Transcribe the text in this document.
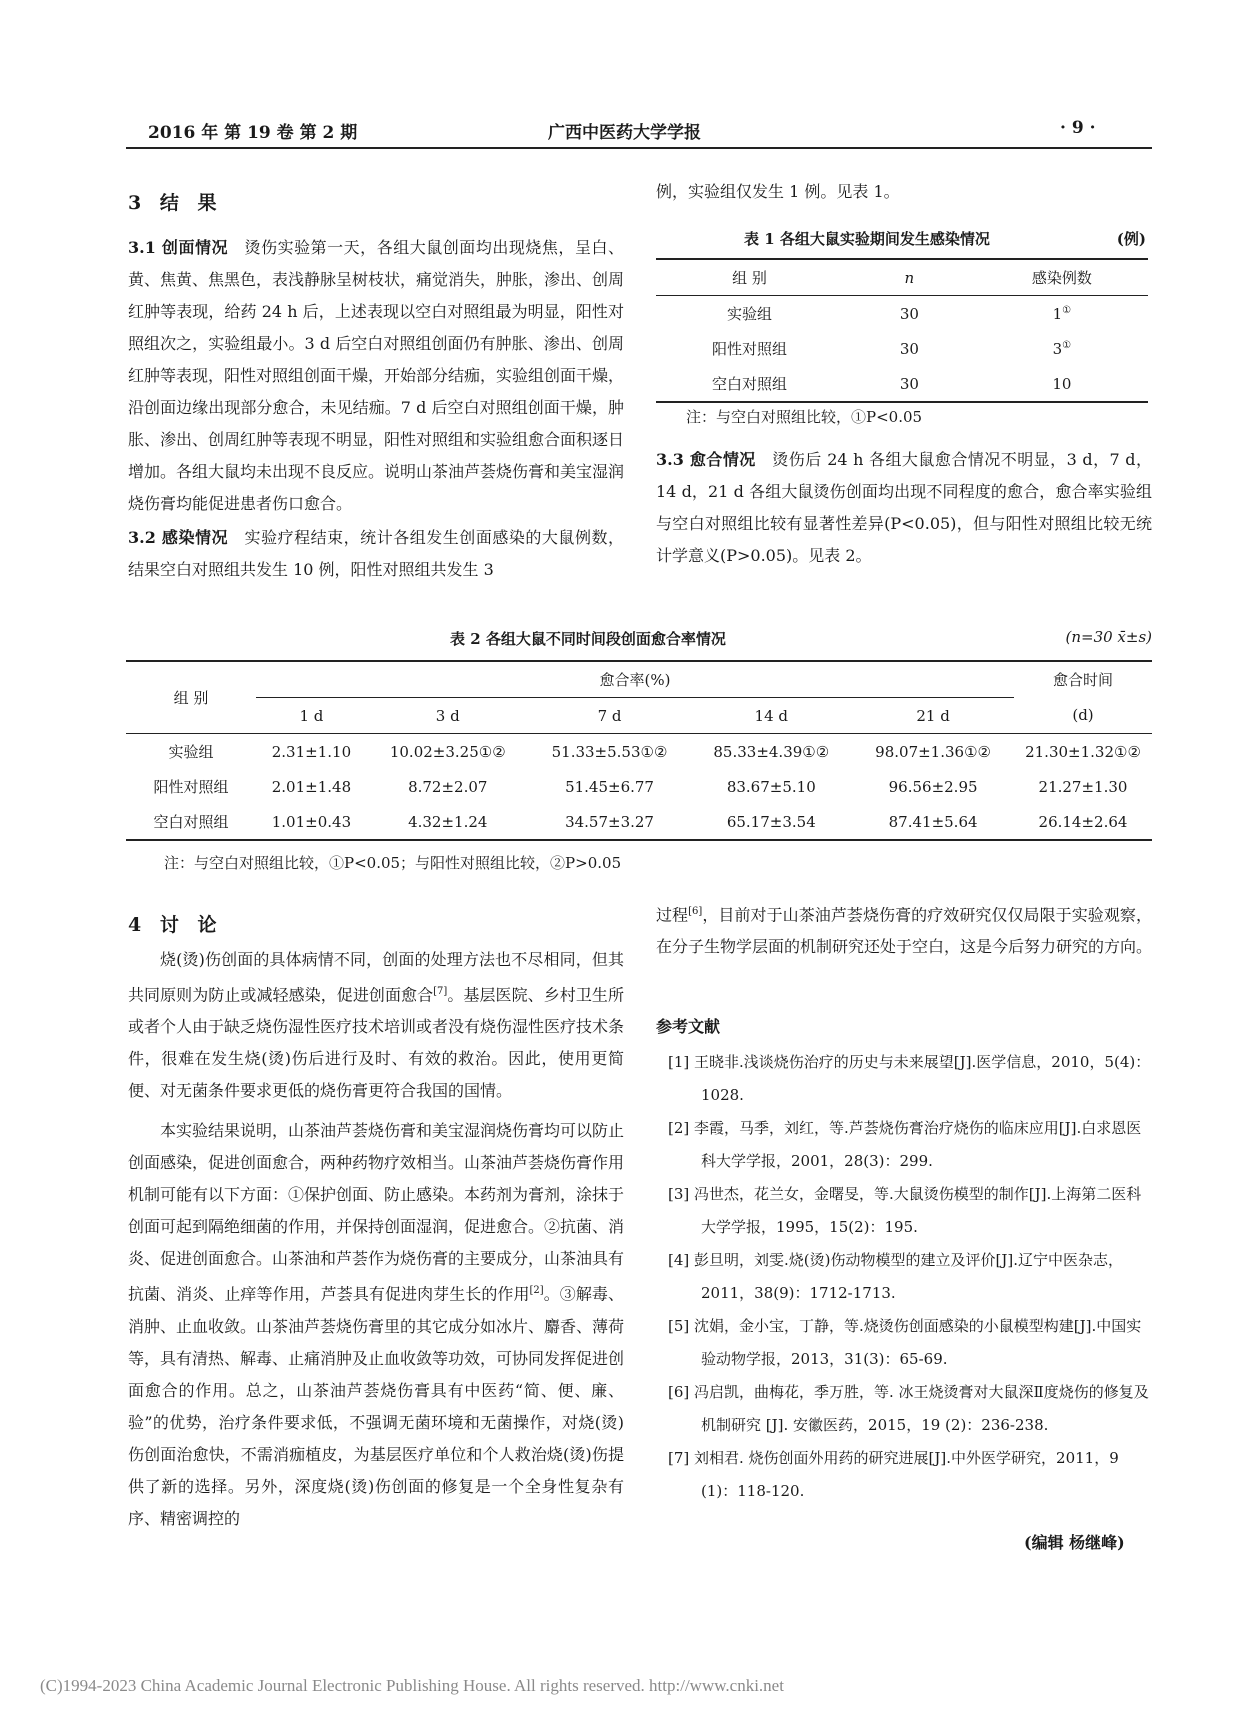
2016 年 第 19 卷 第 2 期	广西中医药大学学报	· 9 ·
3 结 果

3.1 创面情况　 烫伤实验第一天，各组大鼠创面均出现烧焦，呈白、黄、焦黄、焦黑色，表浅静脉呈树枝状，痛觉消失，肿胀，渗出、创周红肿等表现，给药 24 h 后，上述表现以空白对照组最为明显，阳性对照组次之，实验组最小。3 d 后空白对照组创面仍有肿胀、渗出、创周红肿等表现，阳性对照组创面干燥，开始部分结痂，实验组创面干燥，沿创面边缘出现部分愈合，未见结痂。7 d 后空白对照组创面干燥，肿胀、渗出、创周红肿等表现不明显，阳性对照组和实验组愈合面积逐日增加。各组大鼠均未出现不良反应。说明山茶油芦荟烧伤膏和美宝湿润烧伤膏均能促进患者伤口愈合。

3.2 感染情况　 实验疗程结束，统计各组发生创面感染的大鼠例数，结果空白对照组共发生 10 例，阳性对照组共发生 3

例，实验组仅发生 1 例。见表 1。
表 1 各组大鼠实验期间发生感染情况	(例)
组 别	n	感染例数
实验组	30	1①
阳性对照组	30	3①
空白对照组	30	10
注：与空白对照组比较，①P<0.05
3.3 愈合情况　 烫伤后 24 h 各组大鼠愈合情况不明显，3 d，7 d，14 d，21 d 各组大鼠烫伤创面均出现不同程度的愈合，愈合率实验组与空白对照组比较有显著性差异(P<0.05)，但与阳性对照组比较无统计学意义(P>0.05)。见表 2。
表 2 各组大鼠不同时间段创面愈合率情况	(n=30 x̄±s)
组 别	愈合率(%)					愈合时间
	1 d	3 d	7 d	14 d	21 d	(d)
实验组	2.31±1.10	10.02±3.25①②	51.33±5.53①②	85.33±4.39①②	98.07±1.36①②	21.30±1.32①②
阳性对照组	2.01±1.48	8.72±2.07	51.45±6.77	83.67±5.10	96.56±2.95	21.27±1.30
空白对照组	1.01±0.43	4.32±1.24	34.57±3.27	65.17±3.54	87.41±5.64	26.14±2.64
注：与空白对照组比较，①P<0.05；与阳性对照组比较，②P>0.05
4 讨 论

烧(烫)伤创面的具体病情不同，创面的处理方法也不尽相同，但其共同原则为防止或减轻感染，促进创面愈合[7]。基层医院、乡村卫生所或者个人由于缺乏烧伤湿性医疗技术培训或者没有烧伤湿性医疗技术条件，很难在发生烧(烫)伤后进行及时、有效的救治。因此，使用更简便、对无菌条件要求更低的烧伤膏更符合我国的国情。

本实验结果说明，山茶油芦荟烧伤膏和美宝湿润烧伤膏均可以防止创面感染，促进创面愈合，两种药物疗效相当。山茶油芦荟烧伤膏作用机制可能有以下方面：①保护创面、防止感染。本药剂为膏剂，涂抹于创面可起到隔绝细菌的作用，并保持创面湿润，促进愈合。②抗菌、消炎、促进创面愈合。山茶油和芦荟作为烧伤膏的主要成分，山茶油具有抗菌、消炎、止痒等作用，芦荟具有促进肉芽生长的作用[2]。③解毒、消肿、止血收敛。山茶油芦荟烧伤膏里的其它成分如冰片、麝香、薄荷等，具有清热、解毒、止痛消肿及止血收敛等功效，可协同发挥促进创面愈合的作用。总之，山茶油芦荟烧伤膏具有中医药“简、便、廉、验”的优势，治疗条件要求低，不强调无菌环境和无菌操作，对烧(烫)伤创面治愈快，不需消痂植皮，为基层医疗单位和个人救治烧(烫)伤提供了新的选择。另外，深度烧(烫)伤创面的修复是一个全身性复杂有序、精密调控的

过程[6]，目前对于山茶油芦荟烧伤膏的疗效研究仅仅局限于实验观察，在分子生物学层面的机制研究还处于空白，这是今后努力研究的方向。
参考文献
[1] 王晓非.浅谈烧伤治疗的历史与未来展望[J].医学信息，2010，5(4)：1028.
[2] 李霞，马季，刘红，等.芦荟烧伤膏治疗烧伤的临床应用[J].白求恩医科大学学报，2001，28(3)：299.
[3] 冯世杰，花兰女，金曙旻，等.大鼠烫伤模型的制作[J].上海第二医科大学学报，1995，15(2)：195.
[4] 彭旦明，刘雯.烧(烫)伤动物模型的建立及评价[J].辽宁中医杂志，2011，38(9)：1712-1713.
[5] 沈娟，金小宝，丁静，等.烧烫伤创面感染的小鼠模型构建[J].中国实验动物学报，2013，31(3)：65-69.
[6] 冯启凯，曲梅花，季万胜，等. 冰王烧烫膏对大鼠深Ⅱ度烧伤的修复及机制研究 [J]. 安徽医药，2015，19 (2)：236-238.
[7] 刘相君. 烧伤创面外用药的研究进展[J].中外医学研究，2011，9 (1)：118-120.
(编辑 杨继峰)
(C)1994-2023 China Academic Journal Electronic Publishing House. All rights reserved. http://www.cnki.net
